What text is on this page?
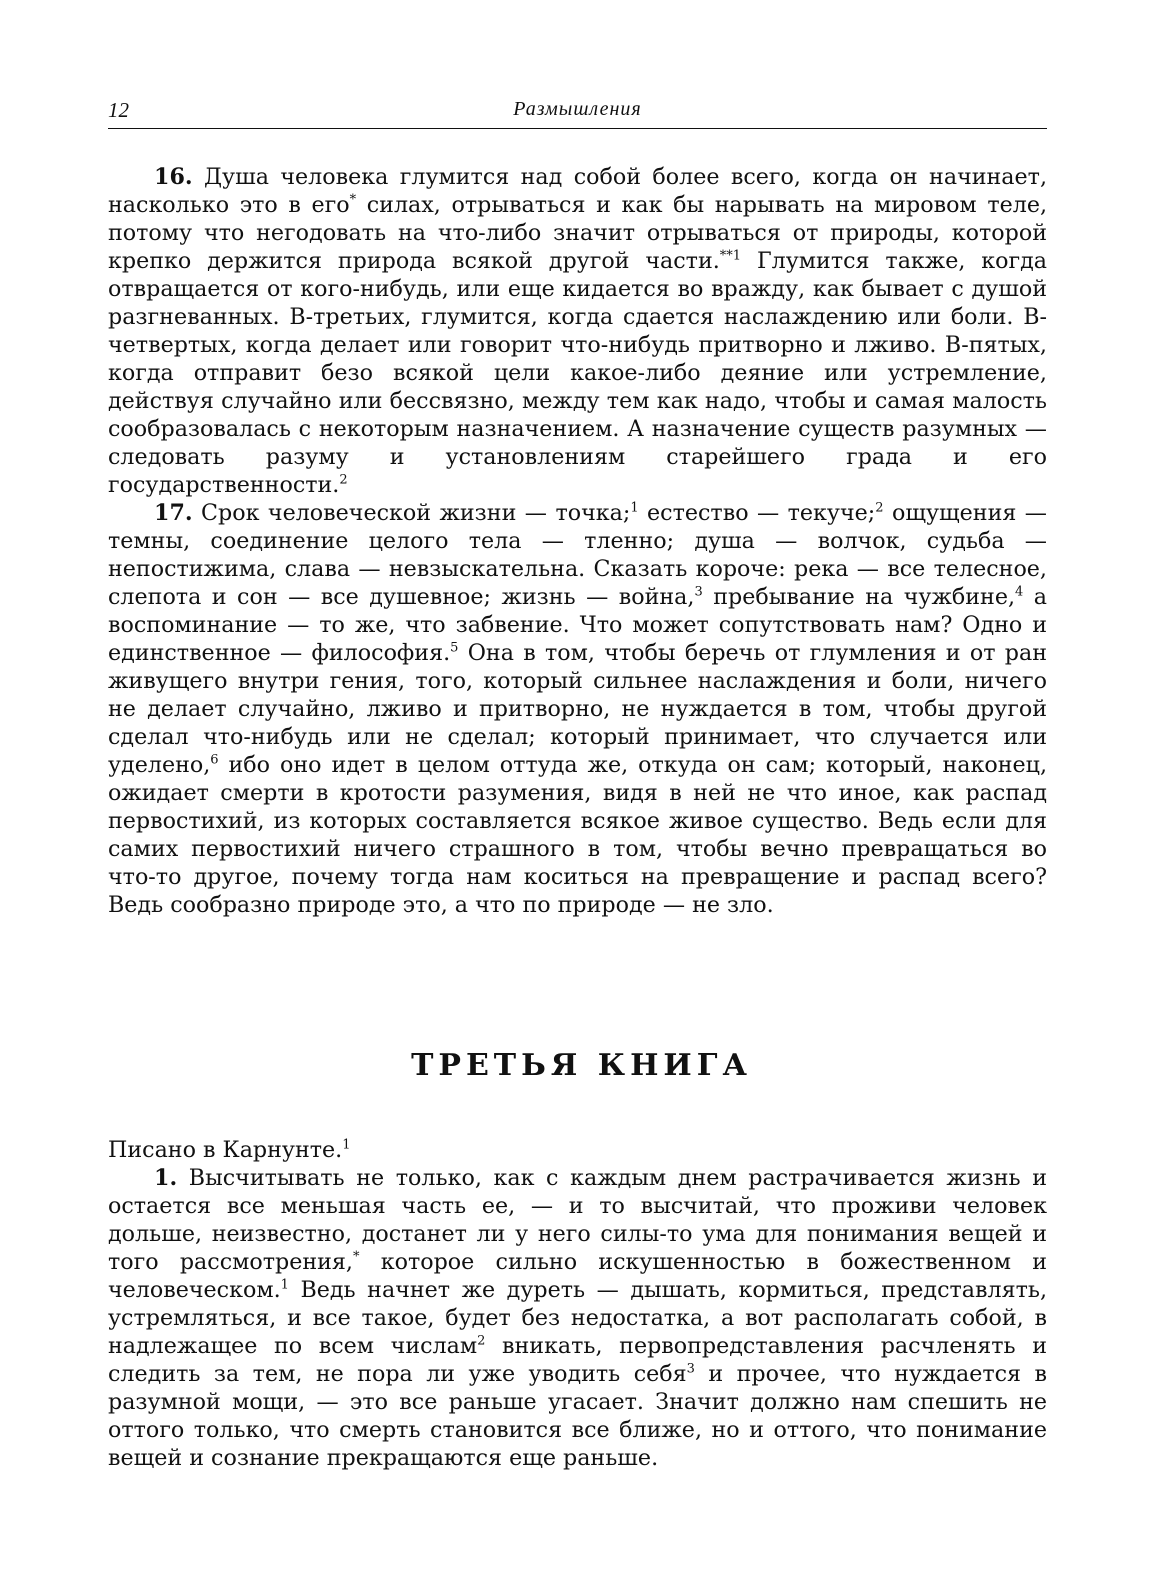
12	Размышления

16. Душа человека глумится над собой более всего, когда он начинает, насколько это в его* силах, отрываться и как бы нарывать на мировом теле, потому что негодовать на что-либо значит отрываться от природы, которой крепко держится природа всякой другой части.$^{**1}$ Глумится также, когда отвращается от кого-нибудь, или еще кидается во вражду, как бывает с душой разгневанных. В-третьих, глумится, когда сдается наслаждению или боли. В-четвертых, когда делает или говорит что-нибудь притворно и лживо. В-пятых, когда отправит безо всякой цели какое-либо деяние или устремление, действуя случайно или бессвязно, между тем как надо, чтобы и самая малость сообразовалась с некоторым назначением. А назначение существ разумных — следовать разуму и установлениям старейшего града и его государственности.$^2$

17. Срок человеческой жизни — точка;$^1$ естество — текуче;$^2$ ощущения — темны, соединение целого тела — тленно; душа — волчок, судьба — непостижима, слава — невзыскательна. Сказать короче: река — все телесное, слепота и сон — все душевное; жизнь — война,$^3$ пребывание на чужбине,$^4$ а воспоминание — то же, что забвение. Что может сопутствовать нам? Одно и единственное — философия.$^5$ Она в том, чтобы беречь от глумления и от ран живущего внутри гения, того, который сильнее наслаждения и боли, ничего не делает случайно, лживо и притворно, не нуждается в том, чтобы другой сделал что-нибудь или не сделал; который принимает, что случается или уделено,$^6$ ибо оно идет в целом оттуда же, откуда он сам; который, наконец, ожидает смерти в кротости разумения, видя в ней не что иное, как распад первостихий, из которых составляется всякое живое существо. Ведь если для самих первостихий ничего страшного в том, чтобы вечно превращаться во что-то другое, почему тогда нам коситься на превращение и распад всего? Ведь сообразно природе это, а что по природе — не зло.

ТРЕТЬЯ КНИГА

Писано в Карнунте.$^1$

1. Высчитывать не только, как с каждым днем растрачивается жизнь и остается все меньшая часть ее, — и то высчитай, что проживи человек дольше, неизвестно, достанет ли у него силы-то ума для понимания вещей и того рассмотрения,* которое сильно искушенностью в божественном и человеческом.$^1$ Ведь начнет же дуреть — дышать, кормиться, представлять, устремляться, и все такое, будет без недостатка, а вот располагать собой, в надлежащее по всем числам$^2$ вникать, первопредставления расчленять и следить за тем, не пора ли уже уводить себя$^3$ и прочее, что нуждается в разумной мощи, — это все раньше угасает. Значит должно нам спешить не оттого только, что смерть становится все ближе, но и оттого, что понимание вещей и сознание прекращаются еще раньше.
